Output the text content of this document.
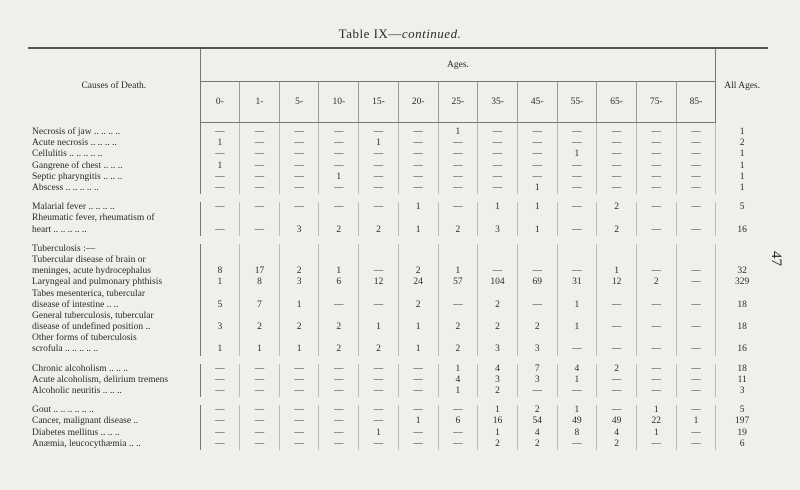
Table IX—continued.
47
Causes of Death.	Ages.													All Ages.
	0-	1-	5-	10-	15-	20-	25-	35-	45-	55-	65-	75-	85-	
Necrosis of jaw .. .. .. ..	—	—	—	—	—	—	1	—	—	—	—	—	—	1
Acute necrosis .. .. .. ..	1	—	—	—	1	—	—	—	—	—	—	—	—	2
Cellulitis .. .. .. .. ..	—	—	—	—	—	—	—	—	—	1	—	—	—	1
Gangrene of chest .. .. ..	1	—	—	—	—	—	—	—	—	—	—	—	—	1
Septic pharyngitis .. .. ..	—	—	—	1	—	—	—	—	—	—	—	—	—	1
Abscess .. .. .. .. ..	—	—	—	—	—	—	—	—	1	—	—	—	—	1

Malarial fever .. .. .. ..	—	—	—	—	—	1	—	1	1	—	2	—	—	5
Rheumatic fever, rheumatism of														
heart .. .. .. .. ..	—	—	3	2	2	1	2	3	1	—	2	—	—	16

Tuberculosis :—														
Tubercular disease of brain or														
meninges, acute hydrocephalus	8	17	2	1	—	2	1	—	—	—	1	—	—	32
Laryngeal and pulmonary phthisis	1	8	3	6	12	24	57	104	69	31	12	2	—	329
Tabes mesenterica, tubercular														
disease of intestine .. ..	5	7	1	—	—	2	—	2	—	1	—	—	—	18
General tuberculosis, tubercular														
disease of undefined position ..	3	2	2	2	1	1	2	2	2	1	—	—	—	18
Other forms of tuberculosis														
scrofula .. .. .. .. ..	1	1	1	2	2	1	2	3	3	—	—	—	—	16

Chronic alcoholism .. .. ..	—	—	—	—	—	—	1	4	7	4	2	—	—	18
Acute alcoholism, delirium tremens	—	—	—	—	—	—	4	3	3	1	—	—	—	11
Alcoholic neuritis .. .. ..	—	—	—	—	—	—	1	2	—	—	—	—	—	3

Gout .. .. .. .. .. ..	—	—	—	—	—	—	—	1	2	1	—	1	—	5
Cancer, malignant disease ..	—	—	—	—	—	1	6	16	54	49	49	22	1	197
Diabetes mellitus .. .. ..	—	—	—	—	1	—	—	1	4	8	4	1	—	19
Anæmia, leucocythæmia .. ..	—	—	—	—	—	—	—	2	2	—	2	—	—	6
